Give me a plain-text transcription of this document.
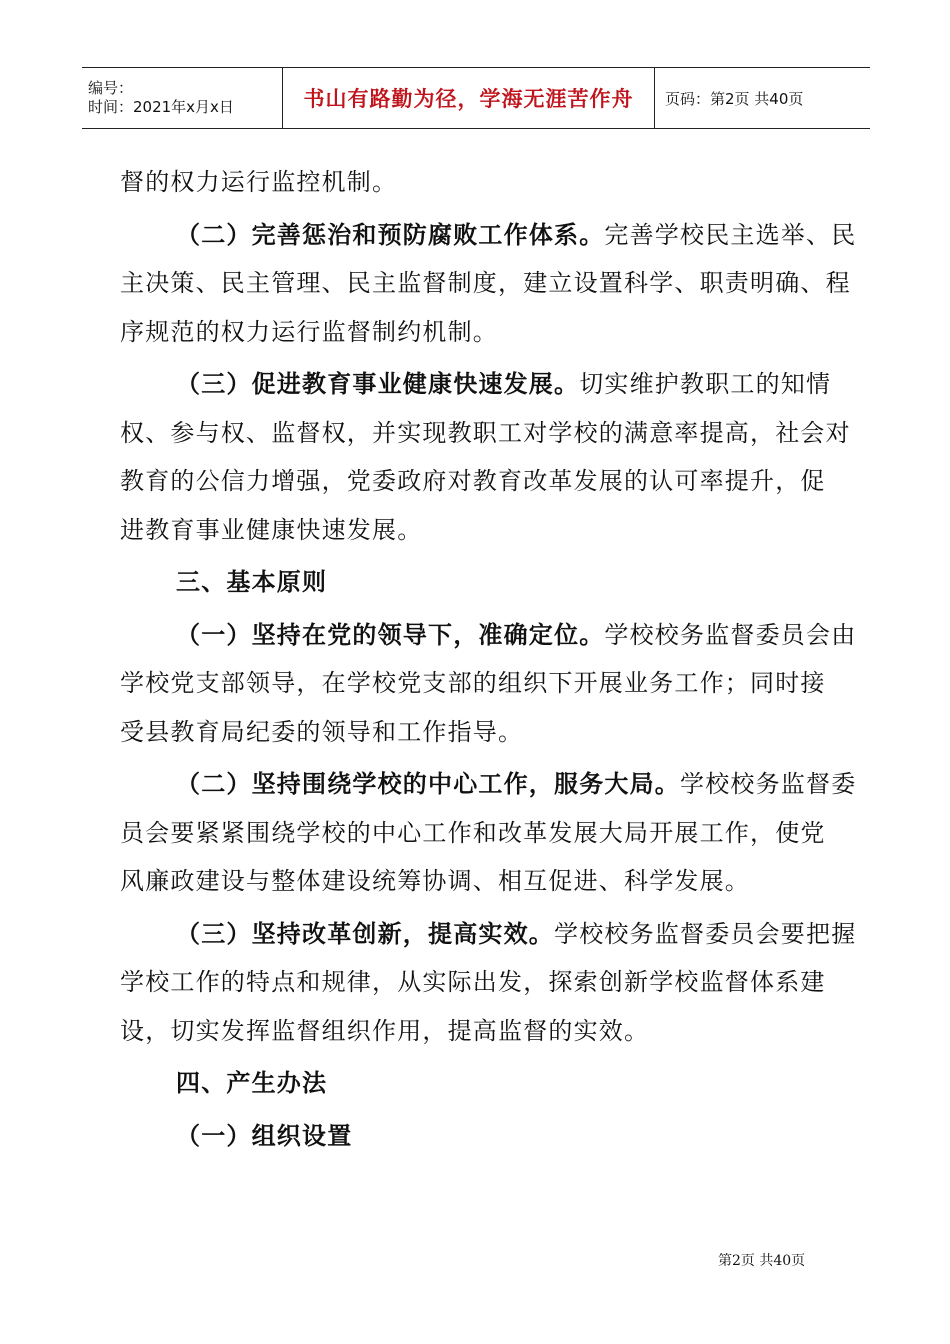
编号：
时间：2021年x月x日	书山有路勤为径，学海无涯苦作舟 页码：第2页 共40页
督的权力运行监控机制。
（二）完善惩治和预防腐败工作体系。完善学校民主选举、民
主决策、民主管理、民主监督制度，建立设置科学、职责明确、程
序规范的权力运行监督制约机制。
（三）促进教育事业健康快速发展。切实维护教职工的知情
权、参与权、监督权，并实现教职工对学校的满意率提高，社会对
教育的公信力增强，党委政府对教育改革发展的认可率提升，促
进教育事业健康快速发展。
三、基本原则
（一）坚持在党的领导下，准确定位。学校校务监督委员会由
学校党支部领导，在学校党支部的组织下开展业务工作；同时接
受县教育局纪委的领导和工作指导。
（二）坚持围绕学校的中心工作，服务大局。学校校务监督委
员会要紧紧围绕学校的中心工作和改革发展大局开展工作，使党
风廉政建设与整体建设统筹协调、相互促进、科学发展。
（三）坚持改革创新，提高实效。学校校务监督委员会要把握
学校工作的特点和规律，从实际出发，探索创新学校监督体系建
设，切实发挥监督组织作用，提高监督的实效。
四、产生办法
（一）组织设置
第2页 共40页
